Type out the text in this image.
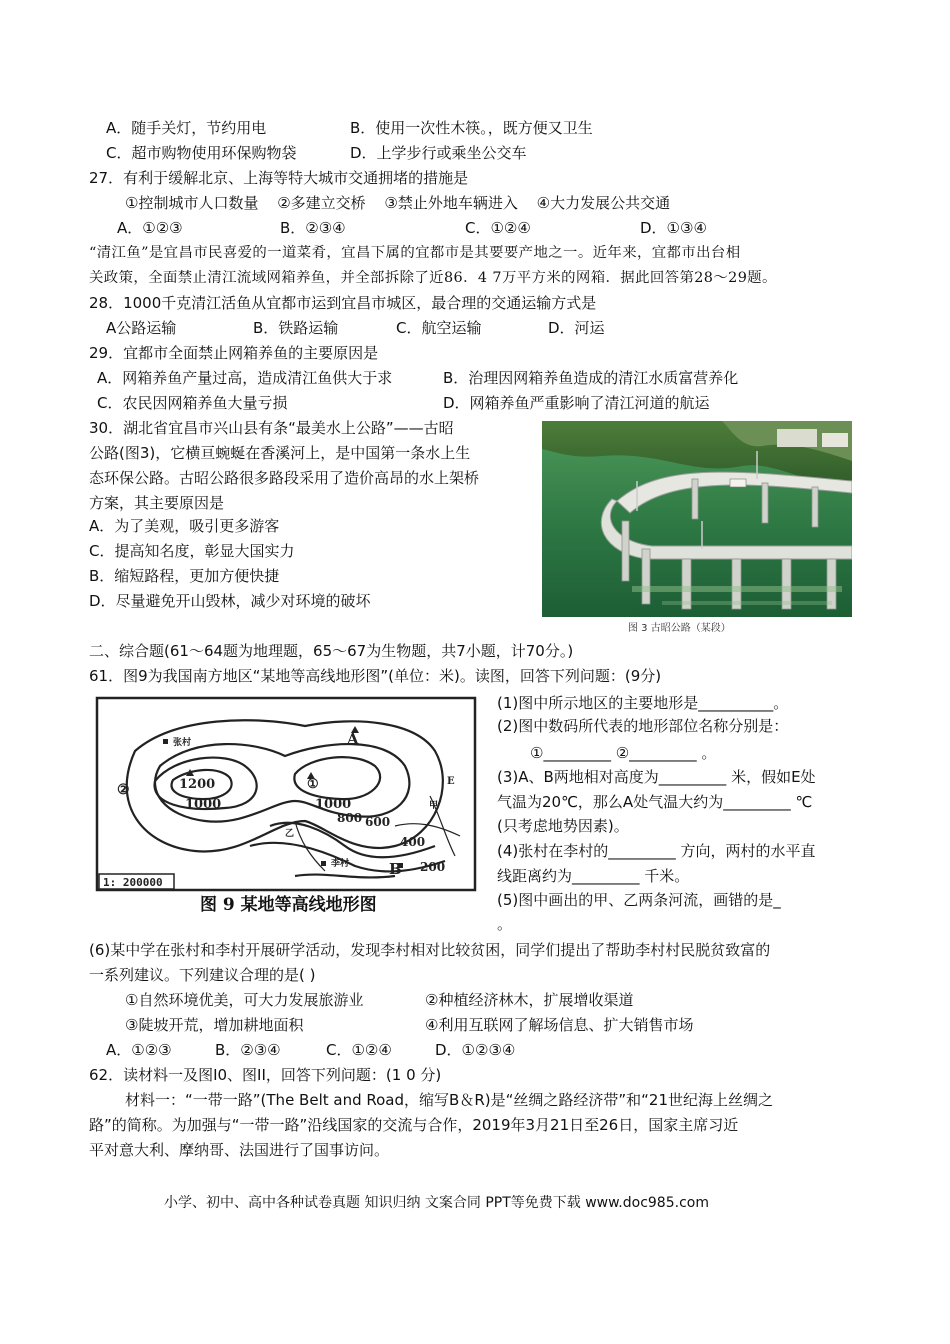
A．随手关灯，节约用电	B．使用一次性木筷。，既方便又卫生
C．超市购物使用环保购物袋	D．上学步行或乘坐公交车
27．有利于缓解北京、上海等特大城市交通拥堵的措施是
①控制城市人口数量 ②多建立交桥 ③禁止外地车辆进入 ④大力发展公共交通
A．①②③	B．②③④	C．①②④	D．①③④
“清江鱼”是宜昌市民喜爱的一道菜肴，宜昌下属的宜都市是其要要产地之一。近年来，宜都市出台相
关政策，全面禁止清江流域网箱养鱼，并全部拆除了近86．4 7万平方米的网箱．据此回答第28～29题。
28．1000千克清江活鱼从宜都市运到宜昌市城区，最合理的交通运输方式是
A公路运输	B．铁路运输	C．航空运输	D．河运
29．宜都市全面禁止网箱养鱼的主要原因是
A．网箱养鱼产量过高，造成清江鱼供大于求	B．治理因网箱养鱼造成的清江水质富营养化
C．农民因网箱养鱼大量亏损	D．网箱养鱼严重影响了清江河道的航运
30．湖北省宜昌市兴山县有条“最美水上公路”——古昭
公路(图3)，它横亘蜿蜒在香溪河上，是中国第一条水上生
态环保公路。古昭公路很多路段采用了造价高昂的水上架桥
方案，其主要原因是
A．为了美观，吸引更多游客
C．提高知名度，彰显大国实力
B．缩短路程，更加方便快捷
D．尽量避免开山毁林，减少对环境的破坏
图 3 古昭公路（某段）
二、综合题(61～64题为地理题，65～67为生物题，共7小题，计70分。)
61．图9为我国南方地区“某地等高线地形图”(单位：米)。读图，回答下列问题：(9分)
张村
李村
1200
1000	1000
800 600
400
200
①
②
A
B
E
甲
乙
1: 200000
图 9 某地等高线地形图
(1)图中所示地区的主要地形是__________。
(2)图中数码所代表的地形部位名称分别是：
①_________ ②_________ 。
(3)A、B两地相对高度为_________ 米，假如E处
气温为20℃，那么A处气温大约为_________ ℃
(只考虑地势因素)。
(4)张村在李村的_________ 方向，两村的水平直
线距离约为_________ 千米。
(5)图中画出的甲、乙两条河流，画错的是_
。
(6)某中学在张村和李村开展研学活动，发现李村相对比较贫困，同学们提出了帮助李村村民脱贫致富的
一系列建议。下列建议合理的是( )
①自然环境优美，可大力发展旅游业	②种植经济林木，扩展增收渠道
③陡坡开荒，增加耕地面积	④利用互联网了解场信息、扩大销售市场
A．①②③	B．②③④	C．①②④	D．①②③④
62．读材料一及图I0、图II，回答下列问题：(1 0 分)
材料一：“一带一路”(The Belt and Road，缩写B＆R)是“丝绸之路经济带”和“21世纪海上丝绸之
路”的简称。为加强与“一带一路”沿线国家的交流与合作，2019年3月21日至26日，国家主席习近
平对意大利、摩纳哥、法国进行了国事访问。
小学、初中、高中各种试卷真题 知识归纳 文案合同 PPT等免费下载 www.doc985.com
